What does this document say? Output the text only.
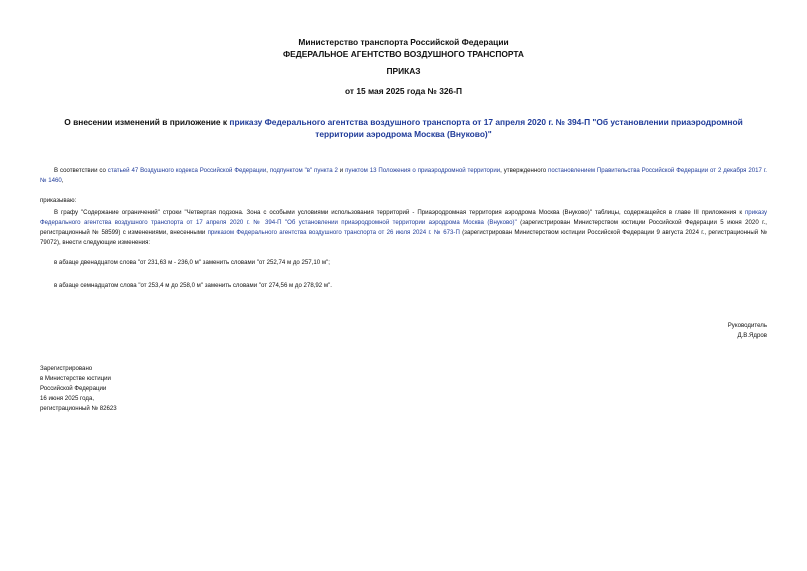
Министерство транспорта Российской Федерации
ФЕДЕРАЛЬНОЕ АГЕНТСТВО ВОЗДУШНОГО ТРАНСПОРТА
ПРИКАЗ
от 15 мая 2025 года № 326-П
О внесении изменений в приложение к приказу Федерального агентства воздушного транспорта от 17 апреля 2020 г. № 394-П "Об установлении приаэродромной территории аэродрома Москва (Внуково)"
В соответствии со статьей 47 Воздушного кодекса Российской Федерации, подпунктом "в" пункта 2 и пунктом 13 Положения о приаэродромной территории, утвержденного постановлением Правительства Российской Федерации от 2 декабря 2017 г. № 1460,
приказываю:
В графу "Содержание ограничений" строки "Четвертая подзона. Зона с особыми условиями использования территорий - Приаэродромная территория аэродрома Москва (Внуково)" таблицы, содержащейся в главе III приложения к приказу Федерального агентства воздушного транспорта от 17 апреля 2020 г. № 394-П "Об установлении приаэродромной территории аэродрома Москва (Внуково)" (зарегистрирован Министерством юстиции Российской Федерации 5 июня 2020 г., регистрационный № 58599) с изменениями, внесенными приказом Федерального агентства воздушного транспорта от 26 июля 2024 г. № 673-П (зарегистрирован Министерством юстиции Российской Федерации 9 августа 2024 г., регистрационный № 79072), внести следующие изменения:
в абзаце двенадцатом слова "от 231,63 м - 236,0 м" заменить словами "от 252,74 м до 257,10 м";
в абзаце семнадцатом слова "от 253,4 м до 258,0 м" заменить словами "от 274,56 м до 278,92 м".
Руководитель
Д.В.Ядров
Зарегистрировано
в Министерстве юстиции
Российской Федерации
16 июня 2025 года,
регистрационный № 82623
